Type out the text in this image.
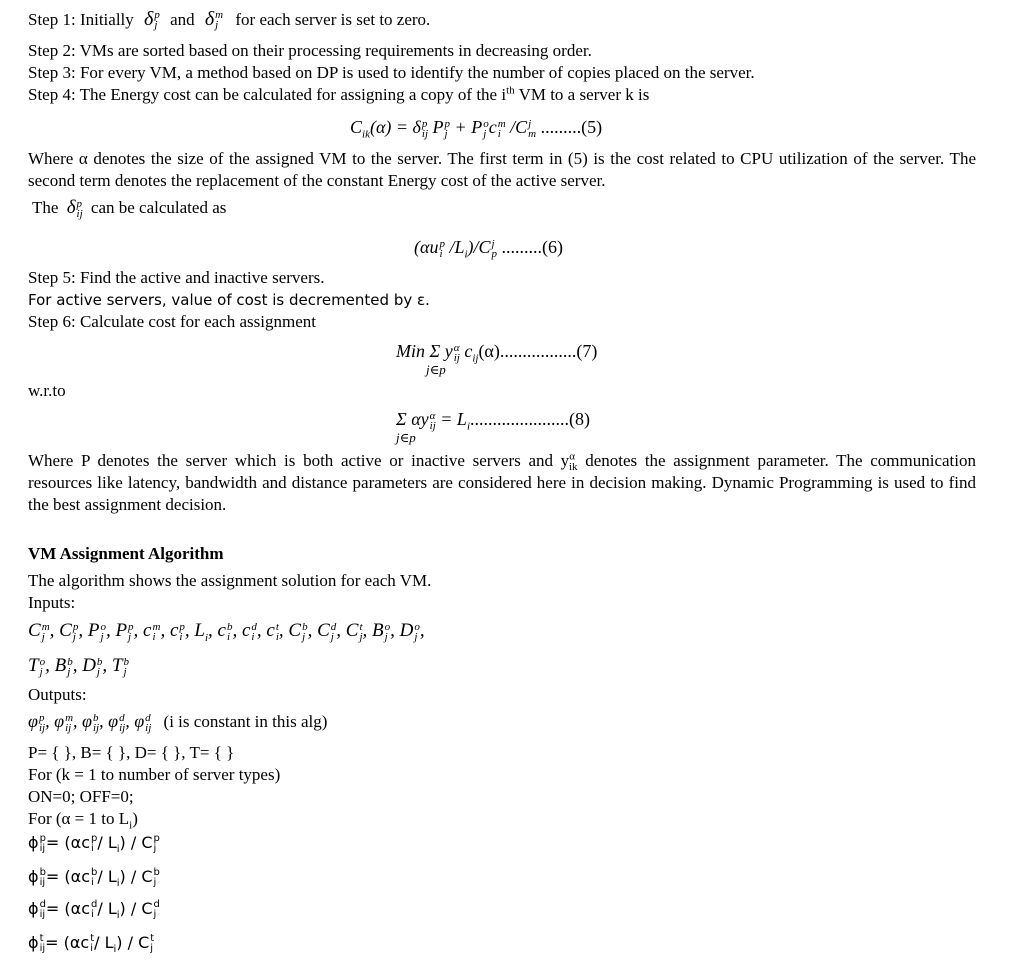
Step 1: Initially δ p
j and δ m
j for each server is set to zero.
Step 2: VMs are sorted based on their processing requirements in decreasing order.
Step 3: For every VM, a method based on DP is used to identify the number of copies placed on the server.
Step 4: The Energy cost can be calculated for assigning a copy of the $i^{th}$ VM to a server k is
$C_{ik}(\alpha) = \delta$ p
ij P p
j + P o
j c m
i /C j
m .........(5)
Where α denotes the size of the assigned VM to the server. The first term in (5) is the cost related to CPU utilization of the server. The second term denotes the replacement of the constant Energy cost of the active server.
The δ p
ij can be calculated as
(αu p
i $/L_i)/C$ j
p .........(6)
Step 5: Find the active and inactive servers.
For active servers, value of cost is decremented by ε.
Step 6: Calculate cost for each assignment
Min Σ y α
ij $c_{ij}(\alpha).................(7)$
j∈p
w.r.to
Σ αy α
ij = $L_i......................(8)$
j∈p
Where P denotes the server which is both active or inactive servers and $y^\alpha_{ik}$ denotes the assignment parameter. The communication resources like latency, bandwidth and distance parameters are considered here in decision making. Dynamic Programming is used to find the best assignment decision.
VM Assignment Algorithm
The algorithm shows the assignment solution for each VM.
Inputs:
C m
j , C p
j , P o
j , P p
j , c m
i , c p
i , $L_i$, c b
i , c d
i , c t
i , C b
j , C d
j , C t
j , B o
j , D o
j ,
T o
j , B b
j , D b
j , T b
j
Outputs:
φ p
ij , φ m
ij , φ b
ij , φ d
ij , φ d
ij (i is constant in this alg)
P= { }, B= { }, D= { }, T= { }
For (k = 1 to number of server types)
ON=0; OFF=0;
For (α = 1 to $L_i$)
ϕ p
ij = (αc p
i / $L_i$) / C p
j
ϕ b
ij = (αc b
i / $L_i$) / C b
j
ϕ d
ij = (αc d
i / $L_i$) / C d
j
ϕ t
ij = (αc t
i / $L_i$) / C t
j
